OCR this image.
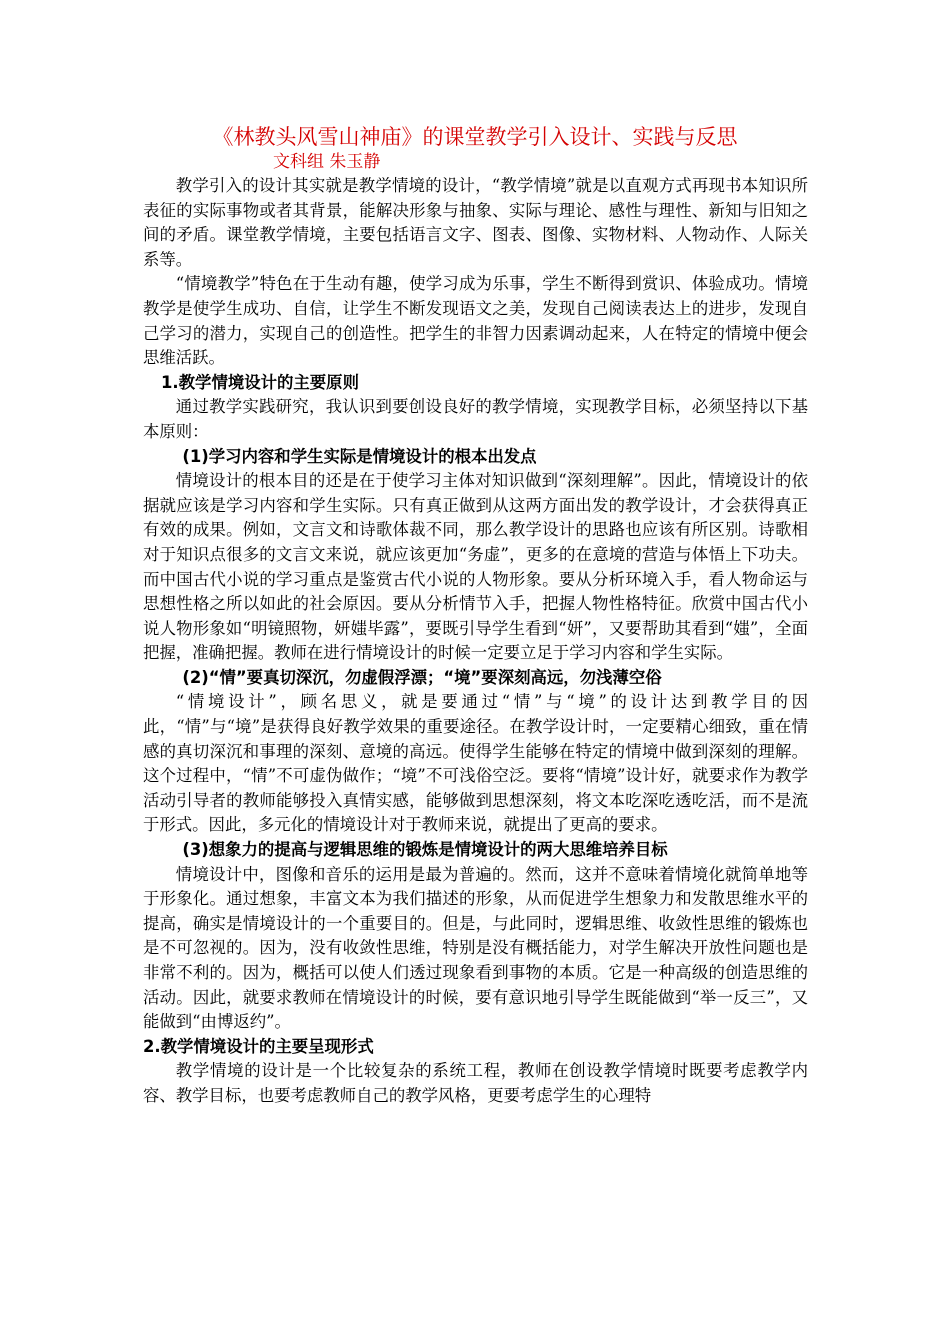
《林教头风雪山神庙》的课堂教学引入设计、实践与反思
文科组 朱玉静

教学引入的设计其实就是教学情境的设计，“教学情境”就是以直观方式再现书本知识所表征的实际事物或者其背景，能解决形象与抽象、实际与理论、感性与理性、新知与旧知之间的矛盾。课堂教学情境，主要包括语言文字、图表、图像、实物材料、人物动作、人际关系等。

“情境教学”特色在于生动有趣，使学习成为乐事，学生不断得到赏识、体验成功。情境教学是使学生成功、自信，让学生不断发现语文之美，发现自己阅读表达上的进步，发现自己学习的潜力，实现自己的创造性。把学生的非智力因素调动起来，人在特定的情境中便会思维活跃。

1.教学情境设计的主要原则

通过教学实践研究，我认识到要创设良好的教学情境，实现教学目标，必须坚持以下基本原则：

(1)学习内容和学生实际是情境设计的根本出发点

情境设计的根本目的还是在于使学习主体对知识做到“深刻理解”。因此，情境设计的依据就应该是学习内容和学生实际。只有真正做到从这两方面出发的教学设计，才会获得真正有效的成果。例如，文言文和诗歌体裁不同，那么教学设计的思路也应该有所区别。诗歌相对于知识点很多的文言文来说，就应该更加“务虚”，更多的在意境的营造与体悟上下功夫。而中国古代小说的学习重点是鉴赏古代小说的人物形象。要从分析环境入手，看人物命运与思想性格之所以如此的社会原因。要从分析情节入手，把握人物性格特征。欣赏中国古代小说人物形象如“明镜照物，妍媸毕露”，要既引导学生看到“妍”，又要帮助其看到“媸”，全面把握，准确把握。教师在进行情境设计的时候一定要立足于学习内容和学生实际。

(2)“情”要真切深沉，勿虚假浮漂；“境”要深刻高远，勿浅薄空俗

“情境设计”，顾名思义，就是要通过“情”与“境”的设计达到教学目的因此，“情”与“境”是获得良好教学效果的重要途径。在教学设计时，一定要精心细致，重在情感的真切深沉和事理的深刻、意境的高远。使得学生能够在特定的情境中做到深刻的理解。这个过程中，“情”不可虚伪做作；“境”不可浅俗空泛。要将“情境”设计好，就要求作为教学活动引导者的教师能够投入真情实感，能够做到思想深刻，将文本吃深吃透吃活，而不是流于形式。因此，多元化的情境设计对于教师来说，就提出了更高的要求。

(3)想象力的提高与逻辑思维的锻炼是情境设计的两大思维培养目标

情境设计中，图像和音乐的运用是最为普遍的。然而，这并不意味着情境化就简单地等于形象化。通过想象，丰富文本为我们描述的形象，从而促进学生想象力和发散思维水平的提高，确实是情境设计的一个重要目的。但是，与此同时，逻辑思维、收敛性思维的锻炼也是不可忽视的。因为，没有收敛性思维，特别是没有概括能力，对学生解决开放性问题也是非常不利的。因为，概括可以使人们透过现象看到事物的本质。它是一种高级的创造思维的活动。因此，就要求教师在情境设计的时候，要有意识地引导学生既能做到“举一反三”，又能做到“由博返约”。

2.教学情境设计的主要呈现形式

教学情境的设计是一个比较复杂的系统工程，教师在创设教学情境时既要考虑教学内容、教学目标，也要考虑教师自己的教学风格，更要考虑学生的心理特
